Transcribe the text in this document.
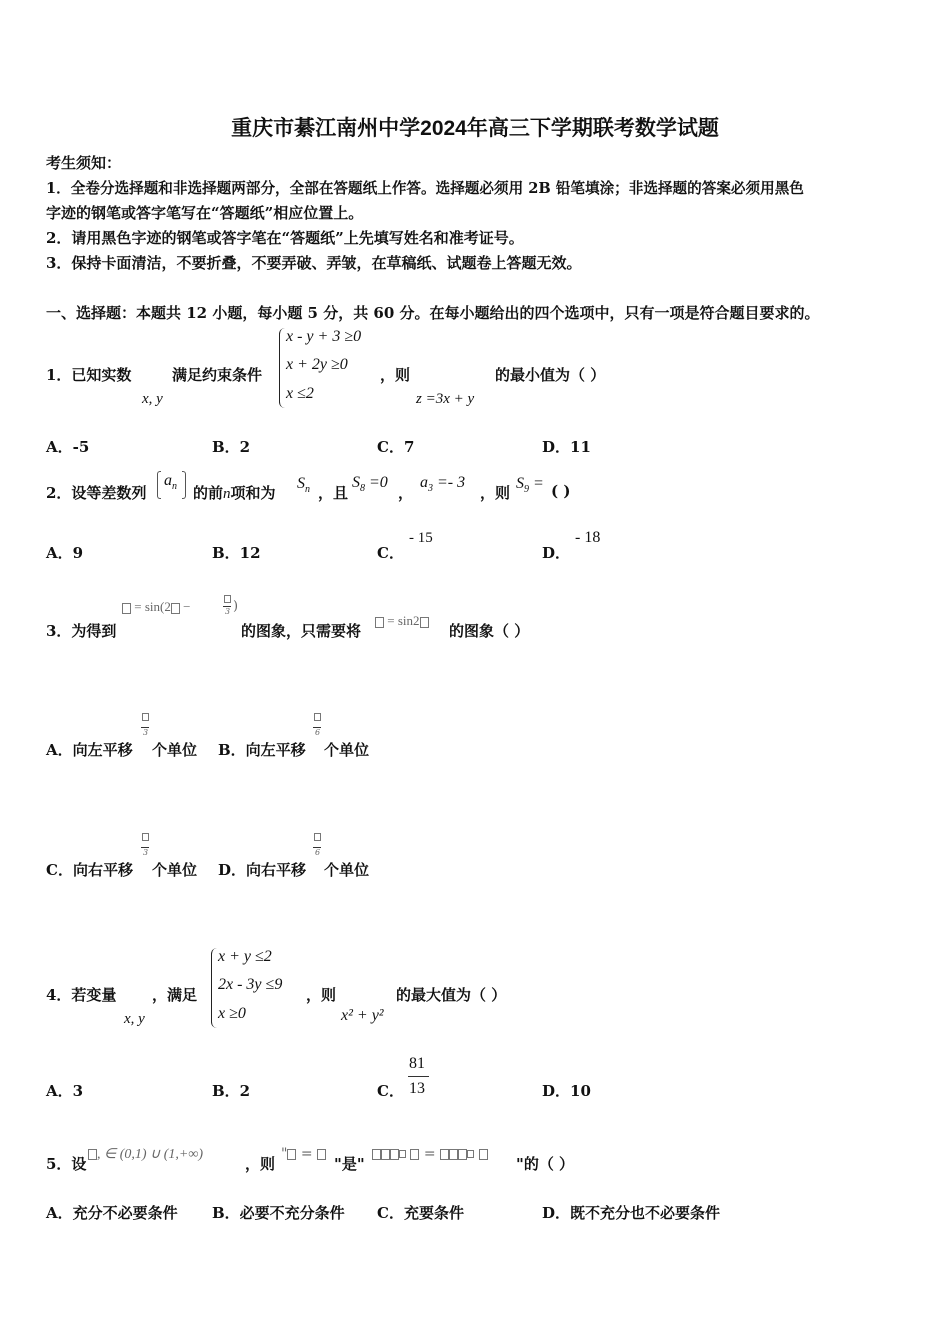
重庆市綦江南州中学2024年高三下学期联考数学试题
考生须知：
1．全卷分选择题和非选择题两部分，全部在答题纸上作答。选择题必须用 2B 铅笔填涂；非选择题的答案必须用黑色
字迹的钢笔或答字笔写在“答题纸”相应位置上。
2．请用黑色字迹的钢笔或答字笔在“答题纸”上先填写姓名和准考证号。
3．保持卡面清洁，不要折叠，不要弄破、弄皱，在草稿纸、试题卷上答题无效。
一、选择题：本题共 12 小题，每小题 5 分，共 60 分。在每小题给出的四个选项中，只有一项是符合题目要求的。
1．已知实数
x, y
满足约束条件
x - y + 3 ≥0
x + 2y ≥0
x ≤2
，则
z =3x + y
的最小值为（ ）
A．-5	B．2	C．7	D．11
2．设等差数列
$a_n$ 的前n项和为
$S_n$ ，且
$S_8 =0$
，
$a_3 =- 3$
，则
$S_9$ = ( )
A．9	B．12	C．
- 15
D．
- 18
3．为得到
= sin(2 −	3 )
的图象，只需要将
= sin2
的图象（ ）
A．向左平移
3
个单位 B．向左平移
6
个单位
C．向右平移
3
个单位 D．向右平移
6
个单位
4．若变量
x, y
，满足
x + y ≤2
2x - 3y ≤9
x ≥0
，则
x² + y²
的最大值为（ ）
A．3	B．2	C．
81
13	D．10
5．设
, ∈ (0,1) ∪ (1,+∞)
，则
" =
"是"
=
"的（ ）
A．充分不必要条件 B．必要不充分条件 C．充要条件	D．既不充分也不必要条件
